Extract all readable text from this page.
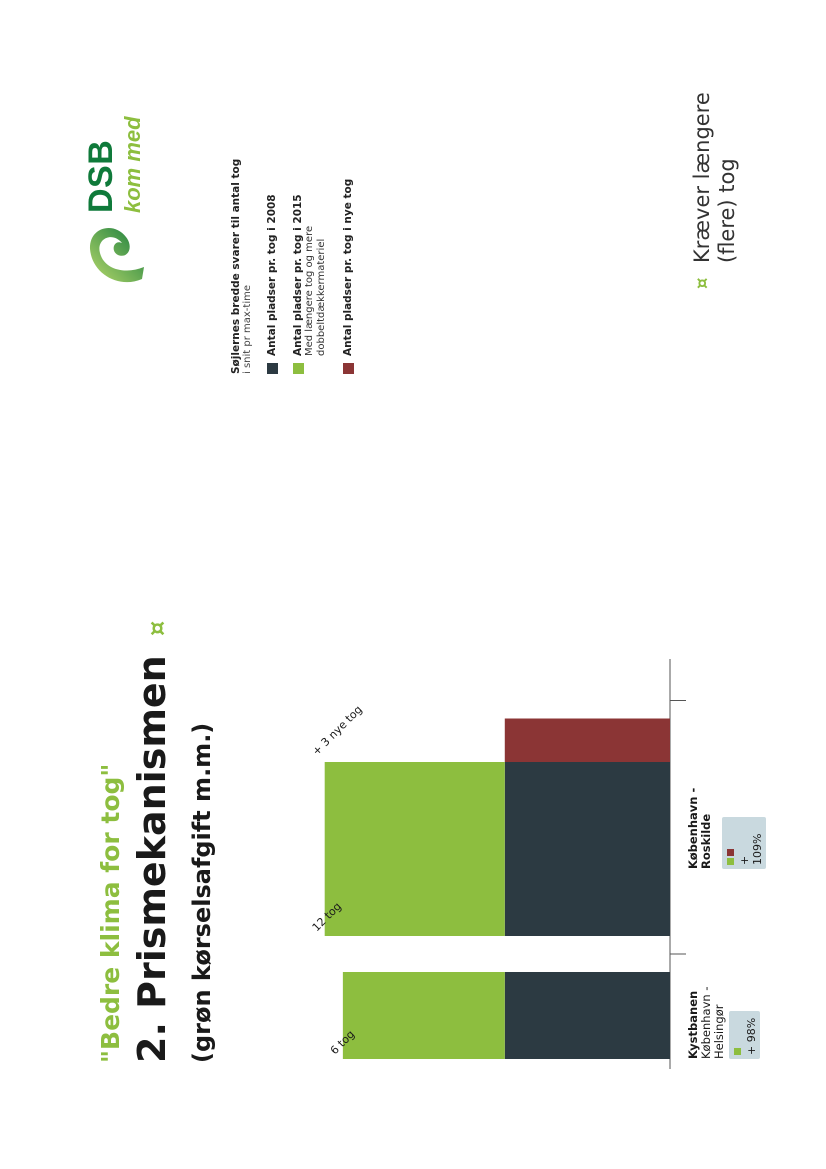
"Bedre klima for tog" 2. Prismekanismen ¤
(grøn kørselsafgift m.m.)	6 tog
+ 3 nye tog
12 tog
Kystbanen København -
Helsingør + 98%
København -
Roskilde + 109%
Søjlernes bredde svarer til antal tog i snit pr max-time Antal pladser pr. tog i 2008 Antal pladser pr. tog i 2015 Med længere tog og mere
dobbeltdækkermateriel Antal pladser pr. tog i nye tog
DSB kom med
¤
Kræver længere
(flere) tog
